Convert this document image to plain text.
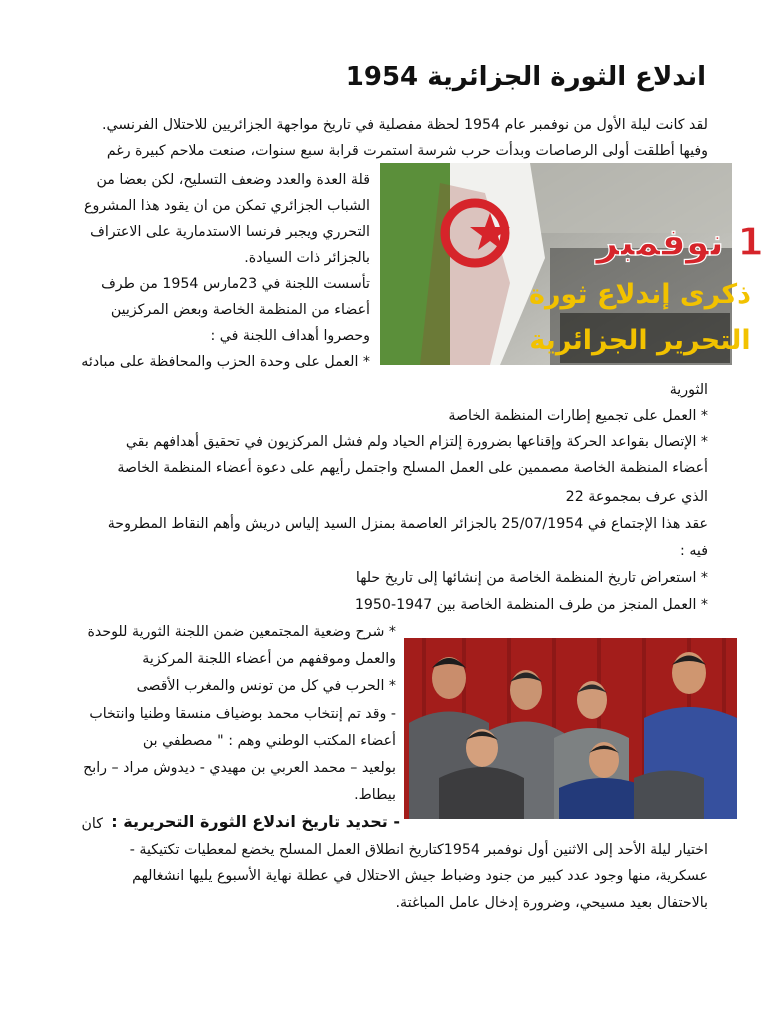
اندلاع الثورة الجزائرية 1954
لقد كانت ليلة الأول من نوفمبر عام 1954 لحظة مفصلية في تاريخ مواجهة الجزائريين للاحتلال الفرنسي.
وفيها أطلقت أولى الرصاصات وبدأت حرب شرسة استمرت قرابة سبع سنوات، صنعت ملاحم كبيرة رغم
1 نوفمبر
ذكرى إندلاع ثورة
التحرير الجزائرية
قلة العدة والعدد وضعف التسليح، لكن بعضا من
الشباب الجزائري تمكن من ان يقود هذا المشروع
التحرري ويجبر فرنسا الاستدمارية على الاعتراف
بالجزائر ذات السيادة.
تأسست اللجنة في 23مارس 1954 من طرف
أعضاء من المنظمة الخاصة وبعض المركزيين
وحصروا أهداف اللجنة في :
* العمل على وحدة الحزب والمحافظة على مبادئه
الثورية
* العمل على تجميع إطارات المنظمة الخاصة
* الإتصال بقواعد الحركة وإقناعها بضرورة إلتزام الحياد ولم فشل المركزيون في تحقيق أهدافهم بقي
أعضاء المنظمة الخاصة مصممين على العمل المسلح واجتمل رأيهم على دعوة أعضاء المنظمة الخاصة
الذي عرف بمجموعة 22
عقد هذا الإجتماع في 25/07/1954 بالجزائر العاصمة بمنزل السيد إلياس دريش وأهم النقاط المطروحة
فيه :
* استعراض تاريخ المنظمة الخاصة من إنشائها إلى تاريخ حلها
* العمل المنجز من طرف المنظمة الخاصة بين 1947-1950
* شرح وضعية المجتمعين ضمن اللجنة الثورية للوحدة
والعمل وموقفهم من أعضاء اللجنة المركزية
* الحرب في كل من تونس والمغرب الأقصى
- وقد تم إنتخاب محمد بوضياف منسقا وطنيا وانتخاب
أعضاء المكتب الوطني وهم : " مصطفي بن
بولعيد – محمد العربي بن مهيدي - ديدوش مراد – رابح
بيطاط.
- تحديد تاريخ اندلاع الثورة التحريرية :
كان
اختيار ليلة الأحد إلى الاثنين أول نوفمبر 1954كتاريخ انطلاق العمل المسلح يخضع لمعطيات تكتيكية -
عسكرية، منها وجود عدد كبير من جنود وضباط جيش الاحتلال في عطلة نهاية الأسبوع يليها انشغالهم
بالاحتفال بعيد مسيحي، وضرورة إدخال عامل المباغتة.
